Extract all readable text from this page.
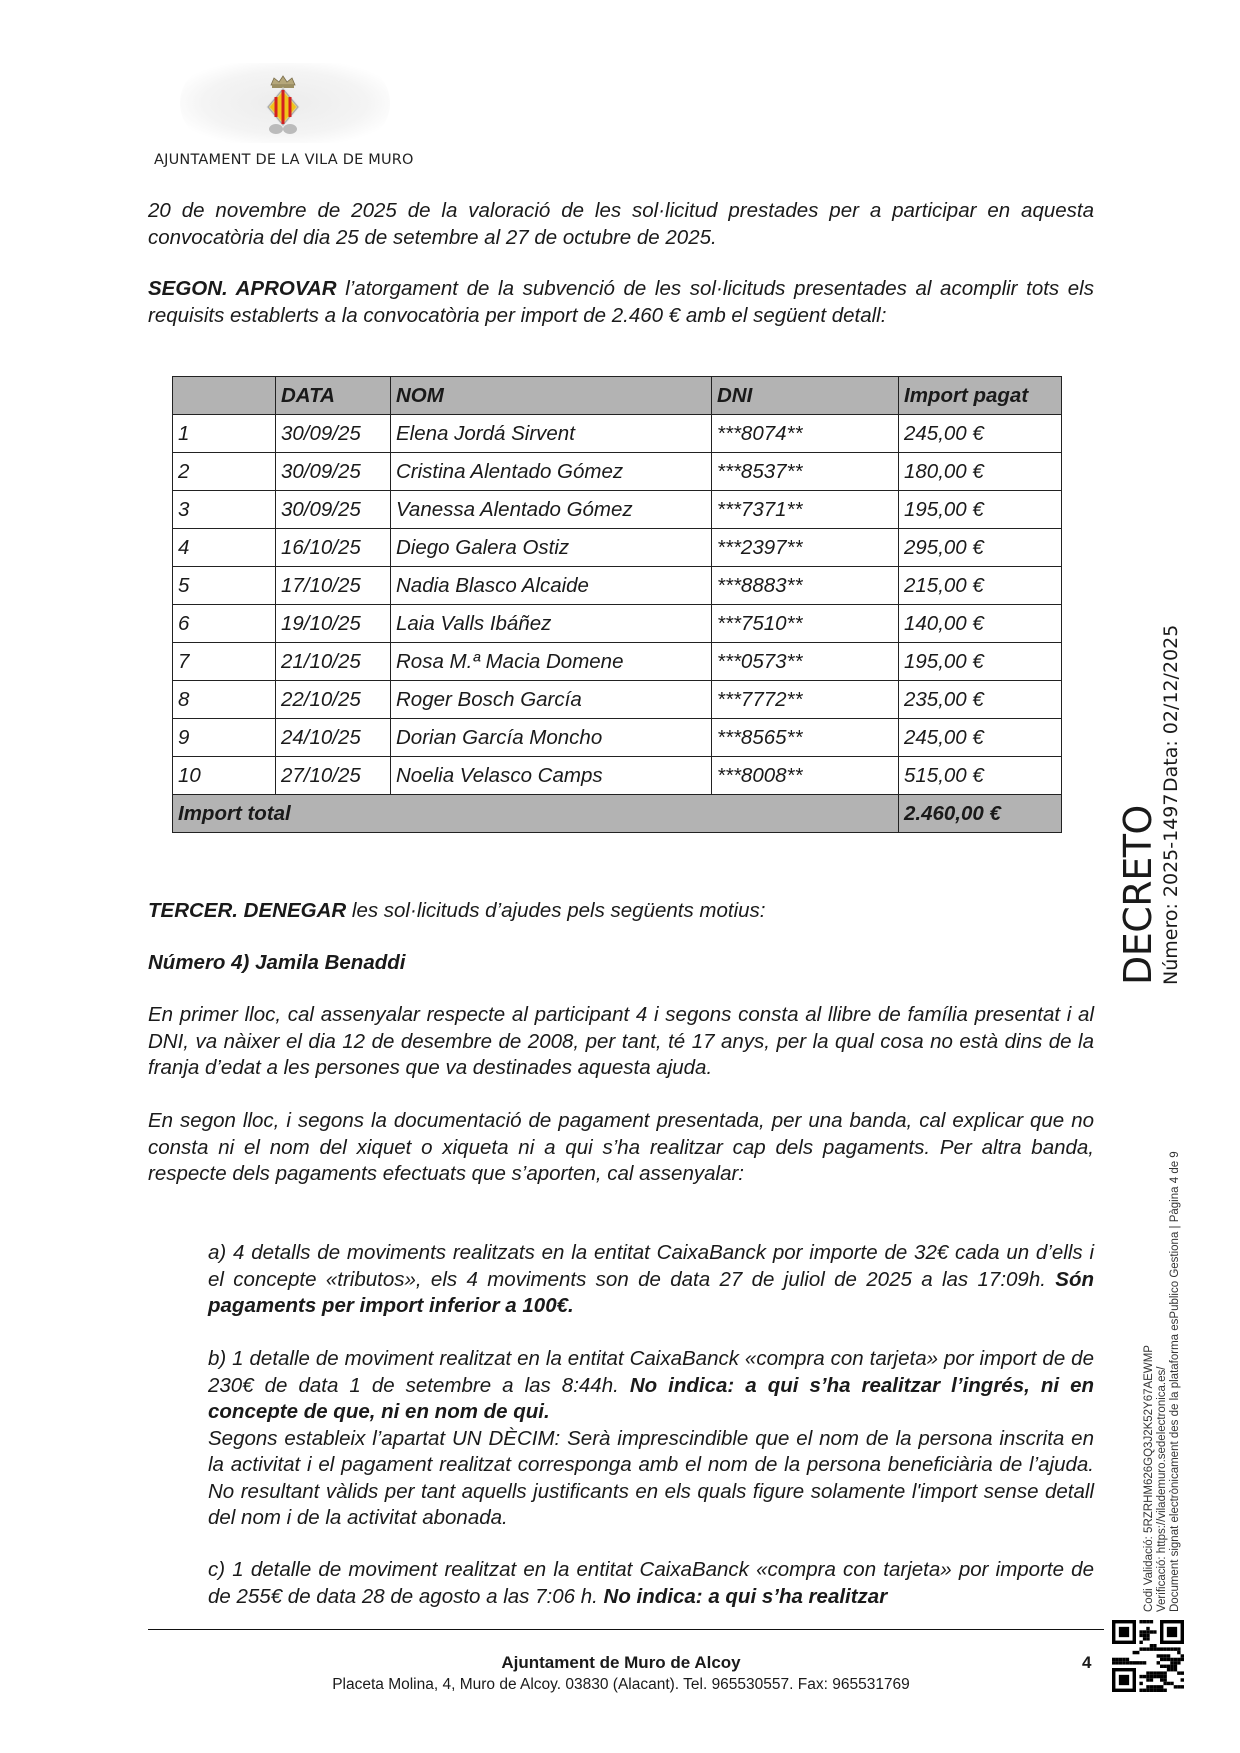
AJUNTAMENT DE LA VILA DE MURO
20 de novembre de 2025 de la valoració de les sol·licitud prestades per a participar en aquesta convocatòria del dia 25 de setembre al 27 de octubre de 2025.
SEGON. APROVAR l’atorgament de la subvenció de les sol·licituds presentades al acomplir tots els requisits establerts a la convocatòria per import de 2.460 € amb el següent detall:
	DATA	NOM	DNI	Import pagat
1	30/09/25	Elena Jordá Sirvent	***8074**	245,00 €
2	30/09/25	Cristina Alentado Gómez	***8537**	180,00 €
3	30/09/25	Vanessa Alentado Gómez	***7371**	195,00 €
4	16/10/25	Diego Galera Ostiz	***2397**	295,00 €
5	17/10/25	Nadia Blasco Alcaide	***8883**	215,00 €
6	19/10/25	Laia Valls Ibáñez	***7510**	140,00 €
7	21/10/25	Rosa M.ª Macia Domene	***0573**	195,00 €
8	22/10/25	Roger Bosch García	***7772**	235,00 €
9	24/10/25	Dorian García Moncho	***8565**	245,00 €
10	27/10/25	Noelia Velasco Camps	***8008**	515,00 €
Import total				2.460,00 €
TERCER. DENEGAR les sol·licituds d’ajudes pels següents motius:
Número 4) Jamila Benaddi
En primer lloc, cal assenyalar respecte al participant 4 i segons consta al llibre de família presentat i al DNI, va nàixer el dia 12 de desembre de 2008, per tant, té 17 anys, per la qual cosa no està dins de la franja d’edat a les persones que va destinades aquesta ajuda.
En segon lloc, i segons la documentació de pagament presentada, per una banda, cal explicar que no consta ni el nom del xiquet o xiqueta ni a qui s’ha realitzar cap dels pagaments. Per altra banda, respecte dels pagaments efectuats que s’aporten, cal assenyalar:
a) 4 detalls de moviments realitzats en la entitat CaixaBanck por importe de 32€ cada un d’ells i el concepte «tributos», els 4 moviments son de data 27 de juliol de 2025 a las 17:09h. Són pagaments per import inferior a 100€.
b) 1 detalle de moviment realitzat en la entitat CaixaBanck «compra con tarjeta» por import de de 230€ de data 1 de setembre a las 8:44h. No indica: a qui s’ha realitzar l’ingrés, ni en concepte de que, ni en nom de qui.
Segons estableix l’apartat UN DÈCIM: Serà imprescindible que el nom de la persona inscrita en la activitat i el pagament realitzat corresponga amb el nom de la persona beneficiària de l’ajuda. No resultant vàlids per tant aquells justificants en els quals figure solamente l'import sense detall del nom i de la activitat abonada.
c) 1 detalle de moviment realitzat en la entitat CaixaBanck «compra con tarjeta» por importe de de 255€ de data 28 de agosto a las 7:06 h. No indica: a qui s’ha realitzar
DECRETO Número: 2025-1497
Data: 02/12/2025
Codi Validació: 5RZRHM626GQ3J2K52Y67AEWMP Verificació: https://vilademuro.sedelectronica.es/ Document signat electrònicament des de la plataforma esPublico Gestiona | Pàgina 4 de 9
Ajuntament de Muro de Alcoy
Placeta Molina, 4, Muro de Alcoy. 03830 (Alacant). Tel. 965530557. Fax: 965531769
4
